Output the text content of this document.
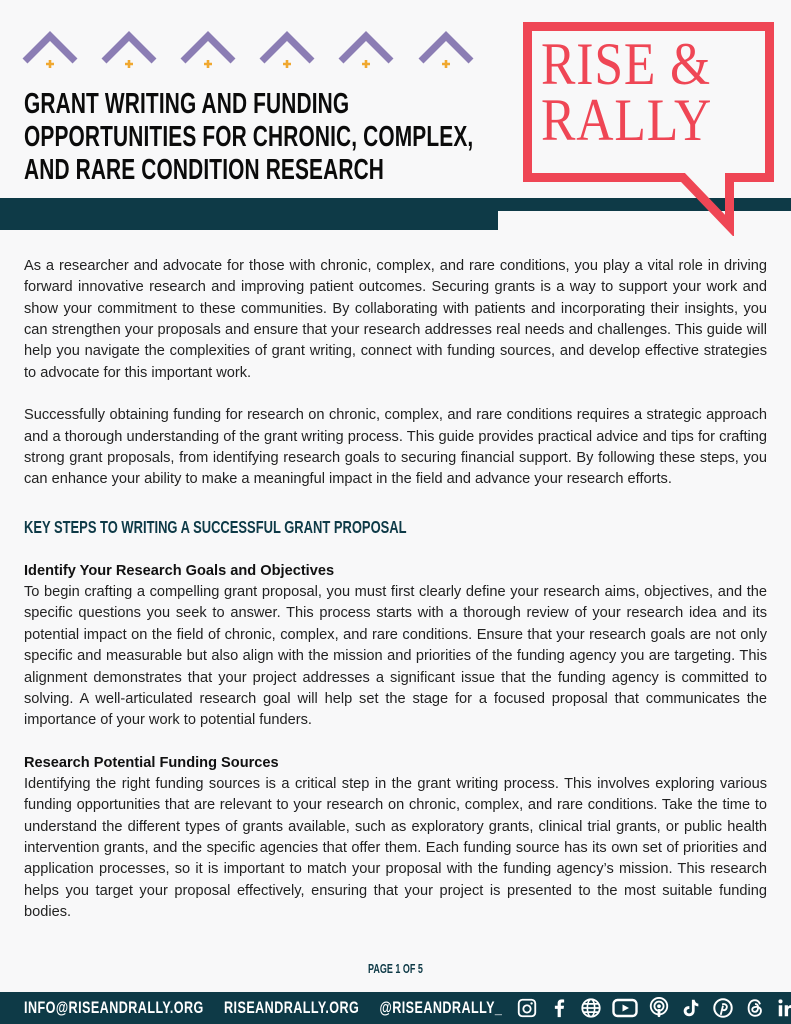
GRANT WRITING AND FUNDING
OPPORTUNITIES FOR CHRONIC, COMPLEX,
AND RARE CONDITION RESEARCH
RISE &
RALLY

As a researcher and advocate for those with chronic, complex, and rare conditions, you play a vital role in driving forward innovative research and improving patient outcomes. Securing grants is a way to support your work and show your commitment to these communities. By collaborating with patients and incorporating their insights, you can strengthen your proposals and ensure that your research addresses real needs and challenges. This guide will help you navigate the complexities of grant writing, connect with funding sources, and develop effective strategies to advocate for this important work.

Successfully obtaining funding for research on chronic, complex, and rare conditions requires a strategic approach and a thorough understanding of the grant writing process. This guide provides practical advice and tips for crafting strong grant proposals, from identifying research goals to securing financial support. By following these steps, you can enhance your ability to make a meaningful impact in the field and advance your research efforts.

KEY STEPS TO WRITING A SUCCESSFUL GRANT PROPOSAL
Identify Your Research Goals and Objectives

To begin crafting a compelling grant proposal, you must first clearly define your research aims, objectives, and the specific questions you seek to answer. This process starts with a thorough review of your research idea and its potential impact on the field of chronic, complex, and rare conditions. Ensure that your research goals are not only specific and measurable but also align with the mission and priorities of the funding agency you are targeting. This alignment demonstrates that your project addresses a significant issue that the funding agency is committed to solving. A well-articulated research goal will help set the stage for a focused proposal that communicates the importance of your work to potential funders.

Research Potential Funding Sources

Identifying the right funding sources is a critical step in the grant writing process. This involves exploring various funding opportunities that are relevant to your research on chronic, complex, and rare conditions. Take the time to understand the different types of grants available, such as exploratory grants, clinical trial grants, or public health intervention grants, and the specific agencies that offer them. Each funding source has its own set of priorities and application processes, so it is important to match your proposal with the funding agency’s mission. This research helps you target your proposal effectively, ensuring that your project is presented to the most suitable funding bodies.

PAGE 1 OF 5
INFO@RISEANDRALLY.ORG RISEANDRALLY.ORG @RISEANDRALLY_
